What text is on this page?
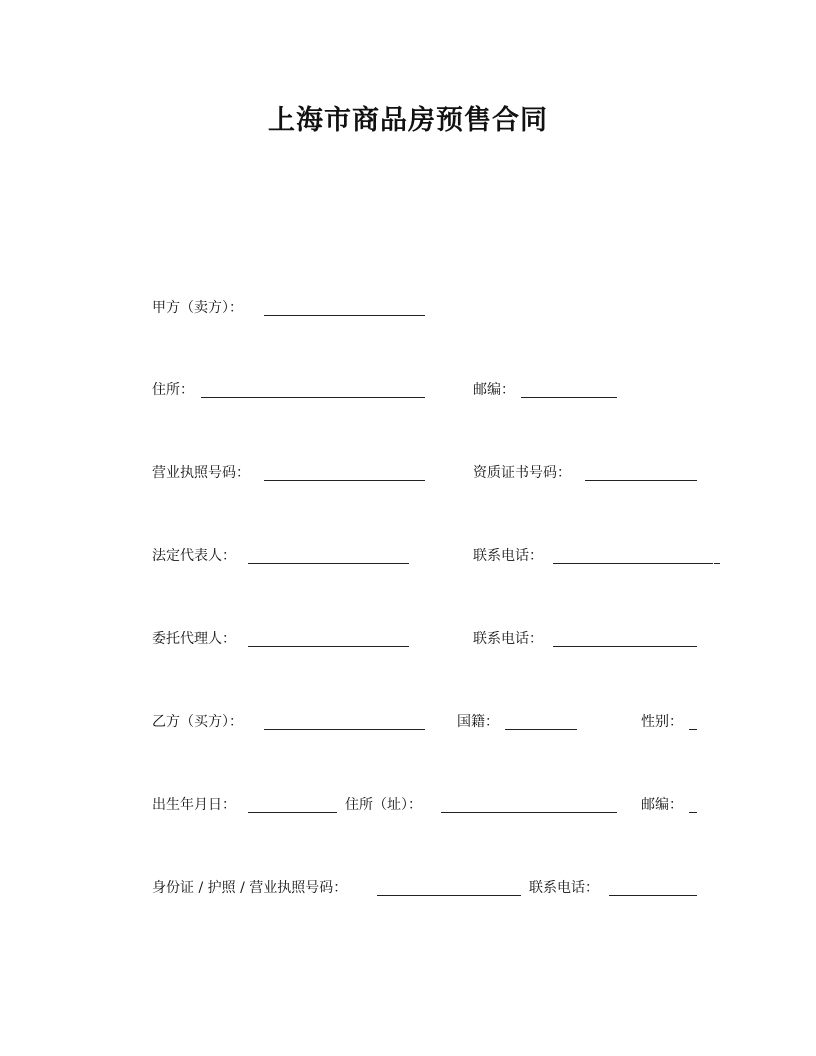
上海市商品房预售合同
甲方（卖方）：
住所：	邮编：
营业执照号码：	资质证书号码：
法定代表人：	联系电话：
委托代理人：	联系电话：
乙方（买方）：	国籍：	性别：
出生年月日：	住所（址）：	邮编：
身份证 / 护照 / 营业执照号码：	联系电话：
